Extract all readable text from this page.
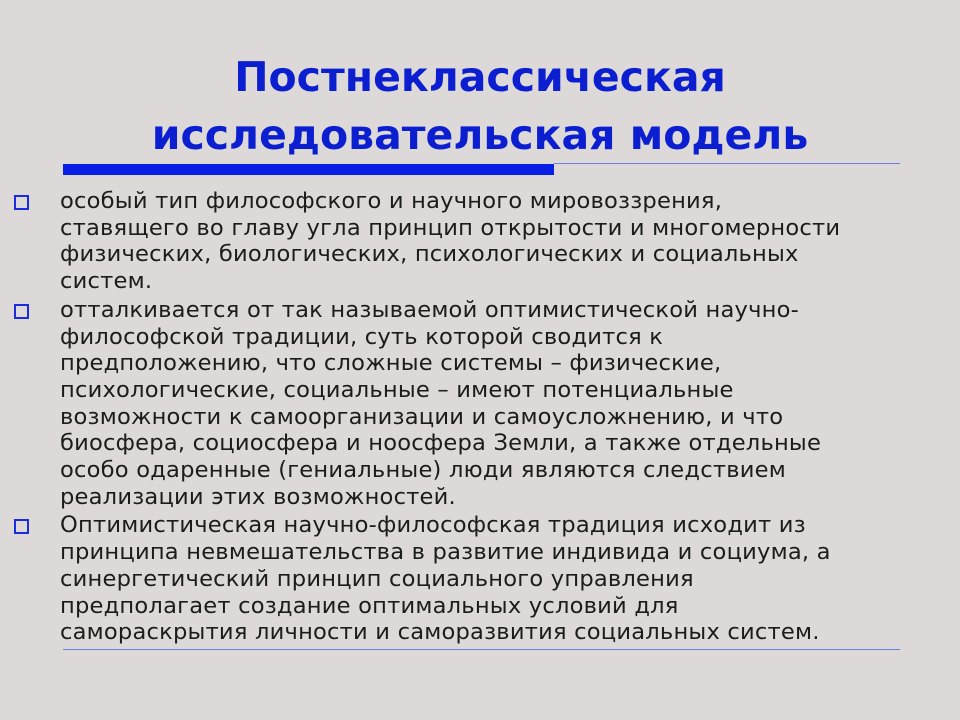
Постнеклассическая
исследовательская модель
особый тип философского и научного мировоззрения,
ставящего во главу угла принцип открытости и многомерности
физических, биологических, психологических и социальных
систем.
отталкивается от так называемой оптимистической научно-
философской традиции, суть которой сводится к
предположению, что сложные системы – физические,
психологические, социальные – имеют потенциальные
возможности к самоорганизации и самоусложнению, и что
биосфера, социосфера и ноосфера Земли, а также отдельные
особо одаренные (гениальные) люди являются следствием
реализации этих возможностей.
Оптимистическая научно-философская традиция исходит из
принципа невмешательства в развитие индивида и социума, а
синергетический принцип социального управления
предполагает создание оптимальных условий для
самораскрытия личности и саморазвития социальных систем.
